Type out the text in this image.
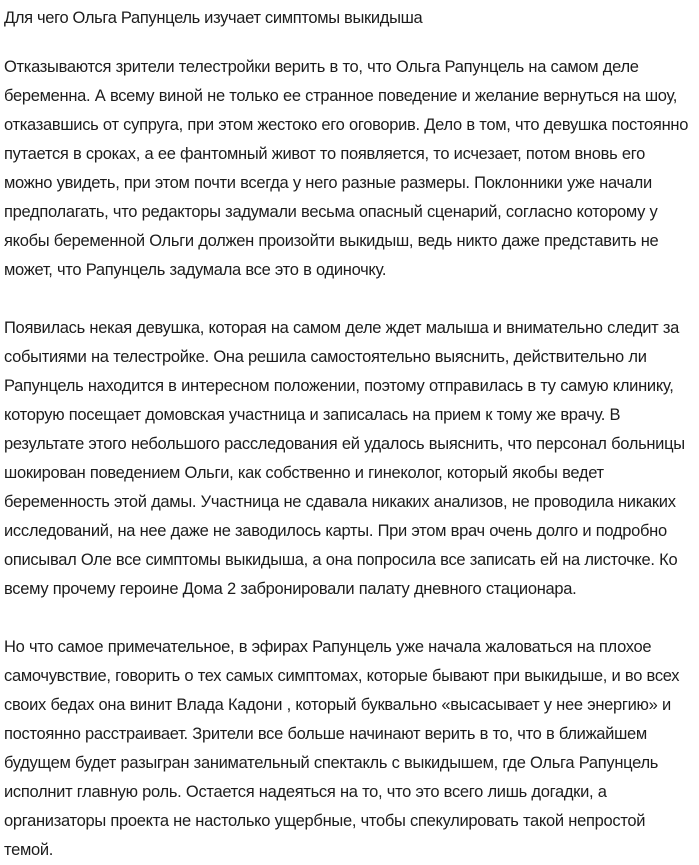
Для чего Ольга Рапунцель изучает симптомы выкидыша

Отказываются зрители телестройки верить в то, что Ольга Рапунцель на самом деле беременна. А всему виной не только ее странное поведение и желание вернуться на шоу, отказавшись от супруга, при этом жестоко его оговорив. Дело в том, что девушка постоянно путается в сроках, а ее фантомный живот то появляется, то исчезает, потом вновь его можно увидеть, при этом почти всегда у него разные размеры. Поклонники уже начали предполагать, что редакторы задумали весьма опасный сценарий, согласно которому у якобы беременной Ольги должен произойти выкидыш, ведь никто даже представить не может, что Рапунцель задумала все это в одиночку.

Появилась некая девушка, которая на самом деле ждет малыша и внимательно следит за событиями на телестройке. Она решила самостоятельно выяснить, действительно ли Рапунцель находится в интересном положении, поэтому отправилась в ту самую клинику, которую посещает домовская участница и записалась на прием к тому же врачу. В результате этого небольшого расследования ей удалось выяснить, что персонал больницы шокирован поведением Ольги, как собственно и гинеколог, который якобы ведет беременность этой дамы. Участница не сдавала никаких анализов, не проводила никаких исследований, на нее даже не заводилось карты. При этом врач очень долго и подробно описывал Оле все симптомы выкидыша, а она попросила все записать ей на листочке. Ко всему прочему героине Дома 2 забронировали палату дневного стационара.

Но что самое примечательное, в эфирах Рапунцель уже начала жаловаться на плохое самочувствие, говорить о тех самых симптомах, которые бывают при выкидыше, и во всех своих бедах она винит Влада Кадони , который буквально «высасывает у нее энергию» и постоянно расстраивает. Зрители все больше начинают верить в то, что в ближайшем будущем будет разыгран занимательный спектакль с выкидышем, где Ольга Рапунцель исполнит главную роль. Остается надеяться на то, что это всего лишь догадки, а организаторы проекта не настолько ущербные, чтобы спекулировать такой непростой темой.
